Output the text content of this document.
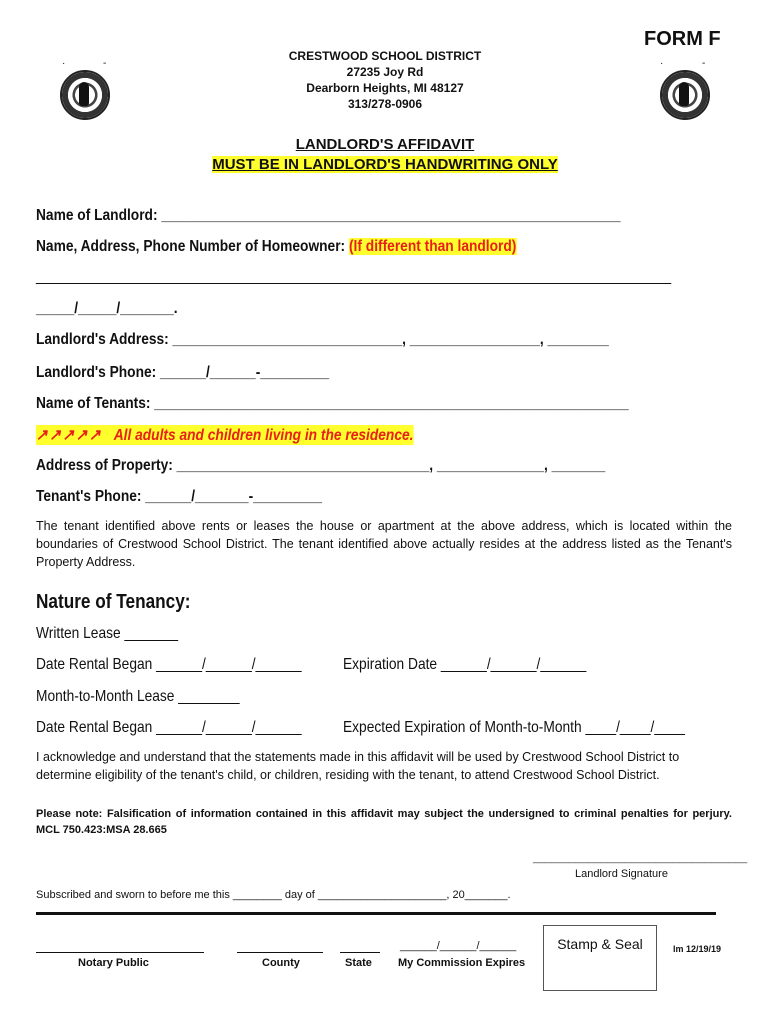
·	-	·	-
FORM F
CRESTWOOD SCHOOL DISTRICT
27235 Joy Rd
Dearborn Heights, MI 48127
313/278-0906
LANDLORD'S AFFIDAVIT
MUST BE IN LANDLORD'S HANDWRITING ONLY
Name of Landlord: ____________________________________________________________
Name, Address, Phone Number of Homeowner: (If different than landlord)
___________________________________________________________________________________
_____/_____/_______.
Landlord's Address: ______________________________, _________________, ________
Landlord's Phone: ______/______-_________
Name of Tenants: ______________________________________________________________
↗↗↗↗↗ All adults and children living in the residence.
Address of Property: _________________________________, ______________, _______
Tenant's Phone: ______/_______-_________
The tenant identified above rents or leases the house or apartment at the above address, which is located within the boundaries of Crestwood School District. The tenant identified above actually resides at the address listed as the Tenant's Property Address.
Nature of Tenancy:
Written Lease _______
Date Rental Began ______/______/______	Expiration Date ______/______/______
Month-to-Month Lease ________
Date Rental Began ______/______/______	Expected Expiration of Month-to-Month ____/____/____
I acknowledge and understand that the statements made in this affidavit will be used by Crestwood School District to determine eligibility of the tenant's child, or children, residing with the tenant, to attend Crestwood School District.
Please note: Falsification of information contained in this affidavit may subject the undersigned to criminal penalties for perjury. MCL 750.423:MSA 28.665
___________________________________
Landlord Signature
Subscribed and sworn to before me this ________ day of _____________________, 20_______.
______/______/______
Notary Public	County	State My Commission Expires
Stamp & Seal	lm 12/19/19
